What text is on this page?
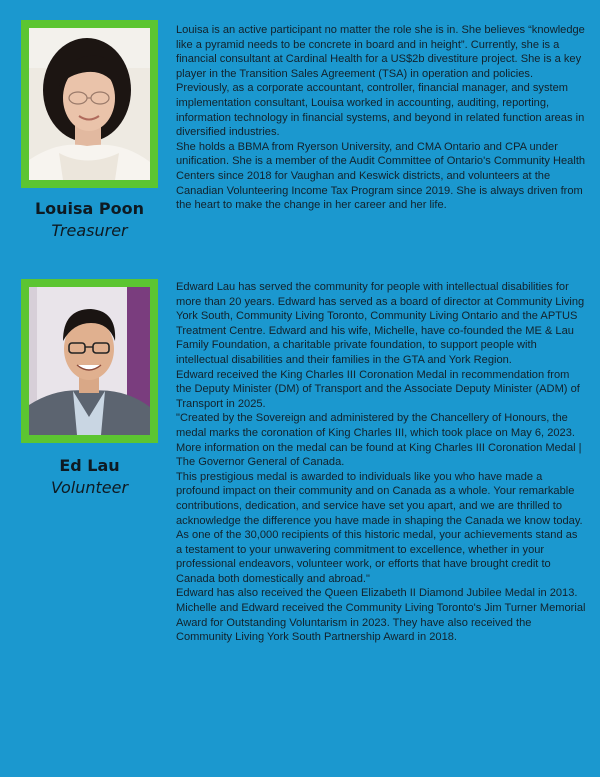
Louisa Poon
Treasurer

Louisa is an active participant no matter the role she is in. She believes “knowledge like a pyramid needs to be concrete in board and in height”. Currently, she is a financial consultant at Cardinal Health for a US$2b divestiture project. She is a key player in the Transition Sales Agreement (TSA) in operation and policies. Previously, as a corporate accountant, controller, financial manager, and system implementation consultant, Louisa worked in accounting, auditing, reporting, information technology in financial systems, and beyond in related function areas in diversified industries.

She holds a BBMA from Ryerson University, and CMA Ontario and CPA under unification. She is a member of the Audit Committee of Ontario's Community Health Centers since 2018 for Vaughan and Keswick districts, and volunteers at the Canadian Volunteering Income Tax Program since 2019. She is always driven from the heart to make the change in her career and her life.

Ed Lau
Volunteer

Edward Lau has served the community for people with intellectual disabilities for more than 20 years. Edward has served as a board of director at Community Living York South, Community Living Toronto, Community Living Ontario and the APTUS Treatment Centre. Edward and his wife, Michelle, have co-founded the ME & Lau Family Foundation, a charitable private foundation, to support people with intellectual disabilities and their families in the GTA and York Region.

Edward received the King Charles III Coronation Medal in recommendation from the Deputy Minister (DM) of Transport and the Associate Deputy Minister (ADM) of Transport in 2025.

"Created by the Sovereign and administered by the Chancellery of Honours, the medal marks the coronation of King Charles III, which took place on May 6, 2023. More information on the medal can be found at King Charles III Coronation Medal | The Governor General of Canada.

This prestigious medal is awarded to individuals like you who have made a profound impact on their community and on Canada as a whole. Your remarkable contributions, dedication, and service have set you apart, and we are thrilled to acknowledge the difference you have made in shaping the Canada we know today. As one of the 30,000 recipients of this historic medal, your achievements stand as a testament to your unwavering commitment to excellence, whether in your professional endeavors, volunteer work, or efforts that have brought credit to Canada both domestically and abroad."

Edward has also received the Queen Elizabeth II Diamond Jubilee Medal in 2013. Michelle and Edward received the Community Living Toronto's Jim Turner Memorial Award for Outstanding Voluntarism in 2023. They have also received the Community Living York South Partnership Award in 2018.
